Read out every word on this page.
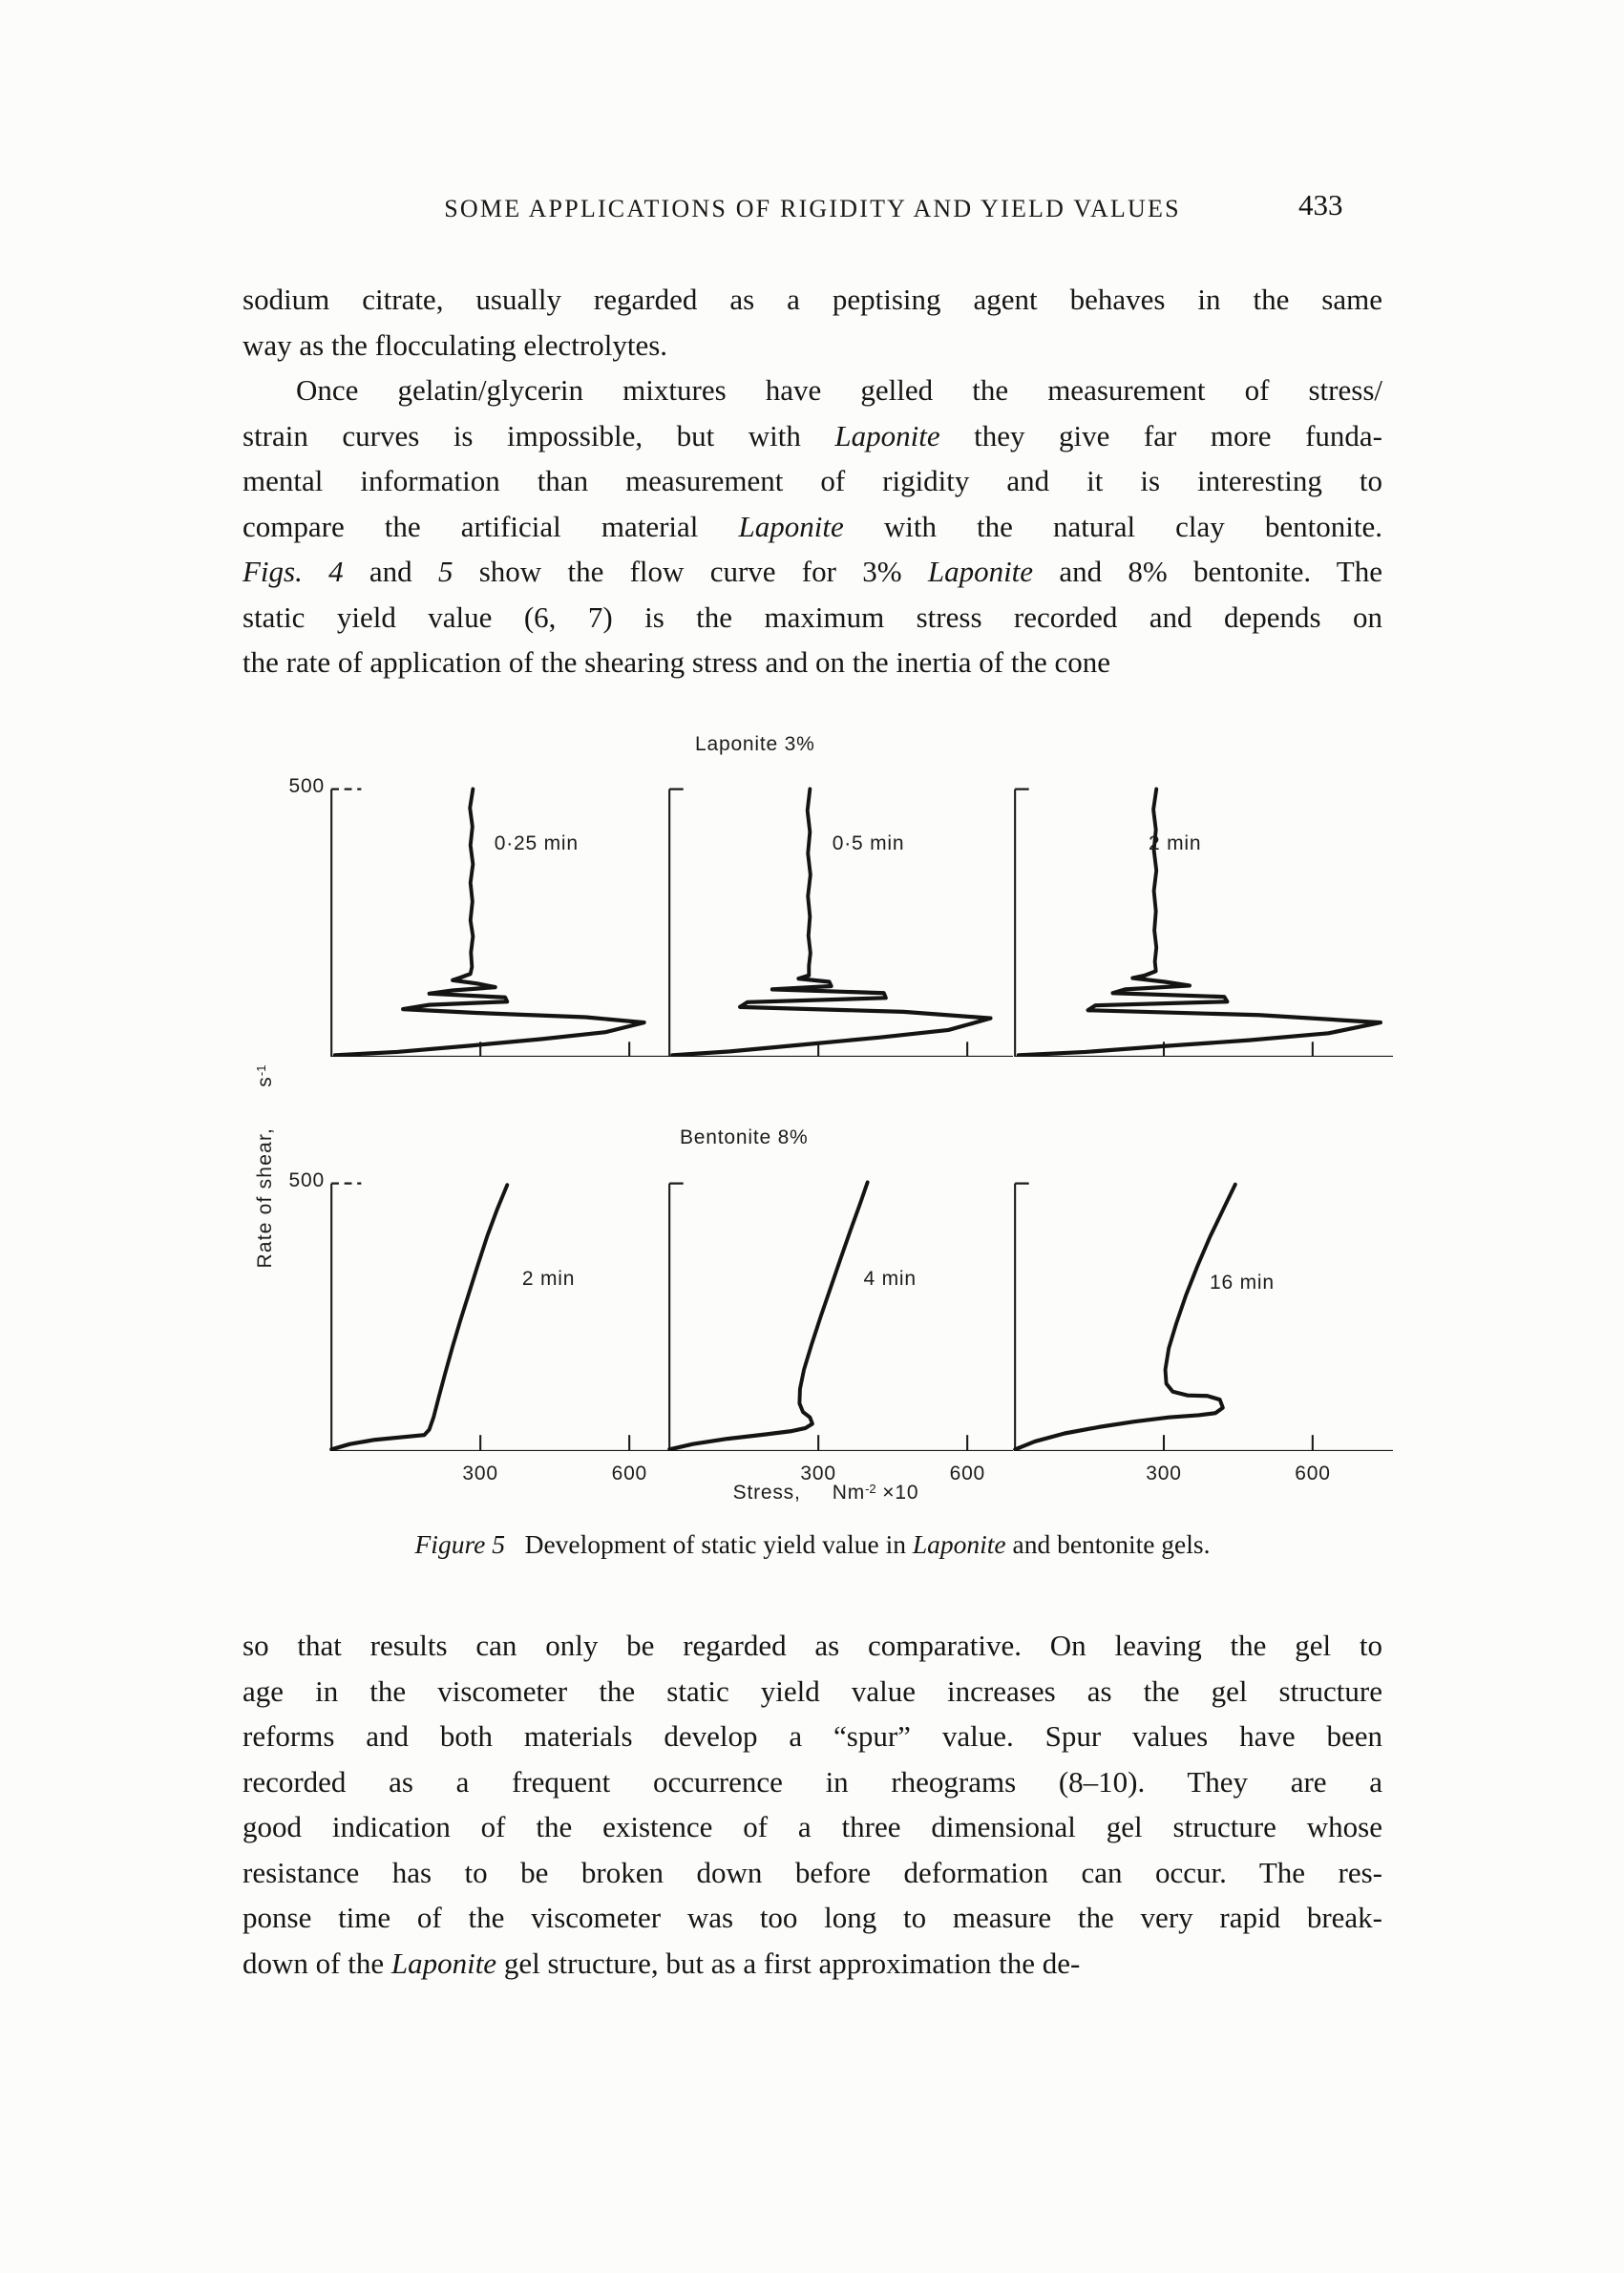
SOME APPLICATIONS OF RIGIDITY AND YIELD VALUES	433
sodium citrate, usually regarded as a peptising agent behaves in the same
way as the flocculating electrolytes.
Once gelatin/glycerin mixtures have gelled the measurement of stress/
strain curves is impossible, but with Laponite they give far more funda-
mental information than measurement of rigidity and it is interesting to
compare the artificial material Laponite with the natural clay bentonite.
Figs. 4 and 5 show the flow curve for 3% Laponite and 8% bentonite. The
static yield value (6, 7) is the maximum stress recorded and depends on
the rate of application of the shearing stress and on the inertia of the cone
Rate of shear,      $s^{-1}$
Laponite 3%
500
0·25 min	0·5 min	2 min
Bentonite 8%
500
2 min
300	600
4 min
300	600
16 min
300	600
Stress,     $Nm^{-2} \times 10$
Figure 5   Development of static yield value in Laponite and bentonite gels.
so that results can only be regarded as comparative. On leaving the gel to
age in the viscometer the static yield value increases as the gel structure
reforms and both materials develop a “spur” value. Spur values have been
recorded as a frequent occurrence in rheograms (8–10). They are a
good indication of the existence of a three dimensional gel structure whose
resistance has to be broken down before deformation can occur. The res-
ponse time of the viscometer was too long to measure the very rapid break-
down of the Laponite gel structure, but as a first approximation the de-
